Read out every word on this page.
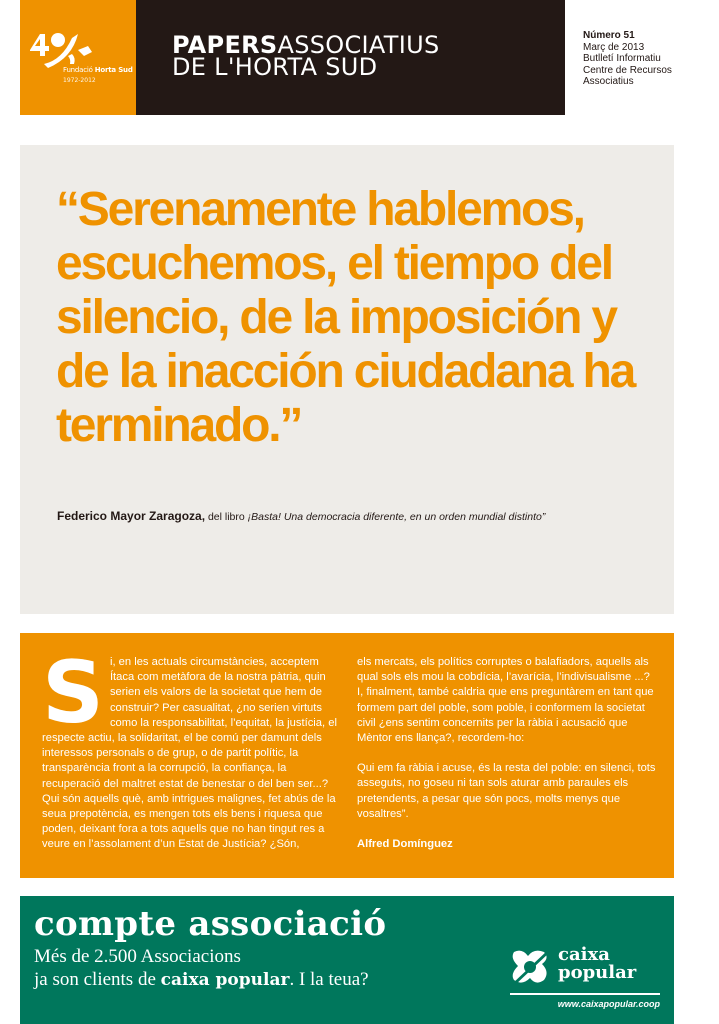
Fundació Horta Sud
1972-2012
PAPERSASSOCIATIUS
DE L'HORTA SUD
Número 51
Març de 2013
Butlletí Informatiu
Centre de Recursos
Associatius
“Serenamente hablemos, escuchemos, el tiempo del silencio, de la imposición y de la inacción ciudadana ha terminado.”
Federico Mayor Zaragoza, del libro ¡Basta! Una democracia diferente, en un orden mundial distinto”
S i, en les actuals circumstàncies, acceptem Ítaca com metàfora de la nostra pàtria, quin serien els valors de la societat que hem de construir? Per casualitat, ¿no serien virtuts como la responsabilitat, l’equitat, la justícia, el respecte actiu, la solidaritat, el be comú per damunt dels interessos personals o de grup, o de partit polític, la transparència front a la corrupció, la confiança, la recuperació del maltret estat de benestar o del ben ser...? Qui són aquells què, amb intrigues malignes, fet abús de la seua prepotència, es mengen tots els bens i riquesa que poden, deixant fora a tots aquells que no han tingut res a veure en l’assolament d’un Estat de Justícia? ¿Són,

els mercats, els polítics corruptes o balafiadors, aquells als qual sols els mou la cobdícia, l’avarícia, l’indivisualisme ...? I, finalment, també caldria que ens preguntàrem en tant que formem part del poble, som poble, i conformem la societat civil ¿ens sentim concernits per la ràbia i acusació que Mèntor ens llança?, recordem-ho:

Qui em fa ràbia i acuse, és la resta del poble: en silenci, tots asseguts, no goseu ni tan sols aturar amb paraules els pretendents, a pesar que són pocs, molts menys que vosaltres”.

Alfred Domínguez

compte associació
Més de 2.500 Associacions
ja son clients de caixa popular. I la teua?
caixa
popular
www.caixapopular.coop
